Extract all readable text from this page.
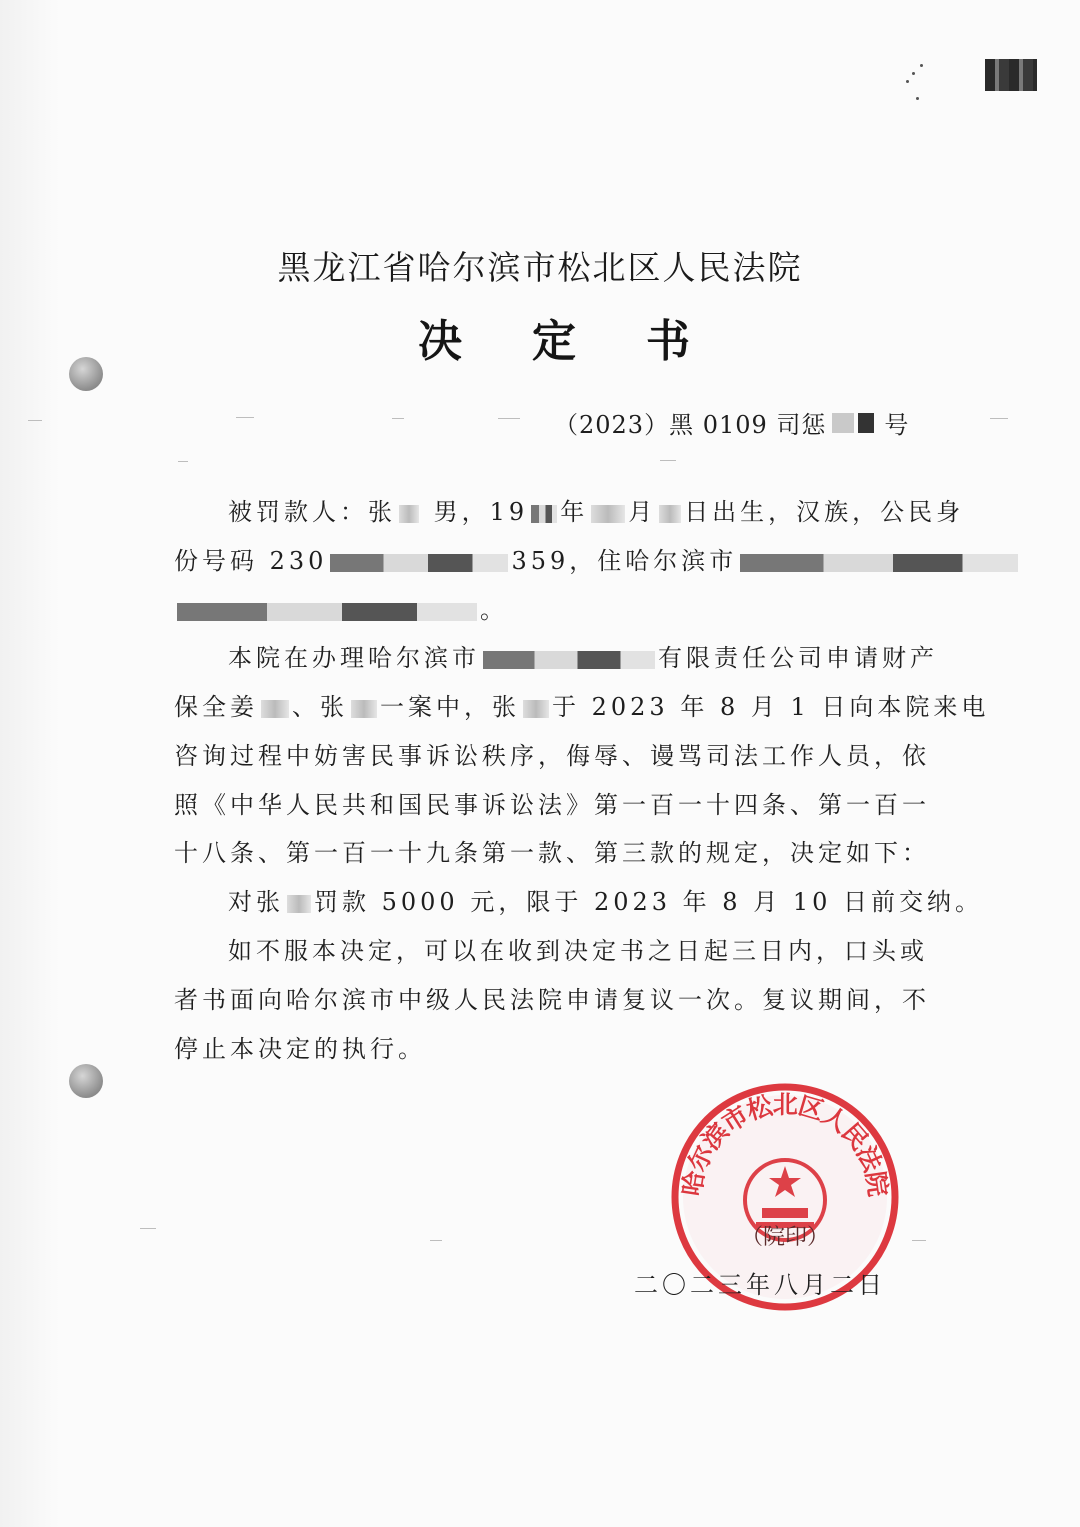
黑龙江省哈尔滨市松北区人民法院
决 定 书
（2023）黑 0109 司惩 号
被罚款人：张 男，19 年 月 日出生，汉族，公民身
份号码 230	359，住哈尔滨市
。
本院在办理哈尔滨市	有限责任公司申请财产
保全姜 、张 一案中，张 于 2023 年 8 月 1 日向本院来电
咨询过程中妨害民事诉讼秩序，侮辱、谩骂司法工作人员，依
照《中华人民共和国民事诉讼法》第一百一十四条、第一百一
十八条、第一百一十九条第一款、第三款的规定，决定如下：
对张 罚款 5000 元，限于 2023 年 8 月 10 日前交纳。
如不服本决定，可以在收到决定书之日起三日内，口头或
者书面向哈尔滨市中级人民法院申请复议一次。复议期间，不
停止本决定的执行。
哈尔滨市松北区人民法院
（院印）
二〇二三年八月二日
